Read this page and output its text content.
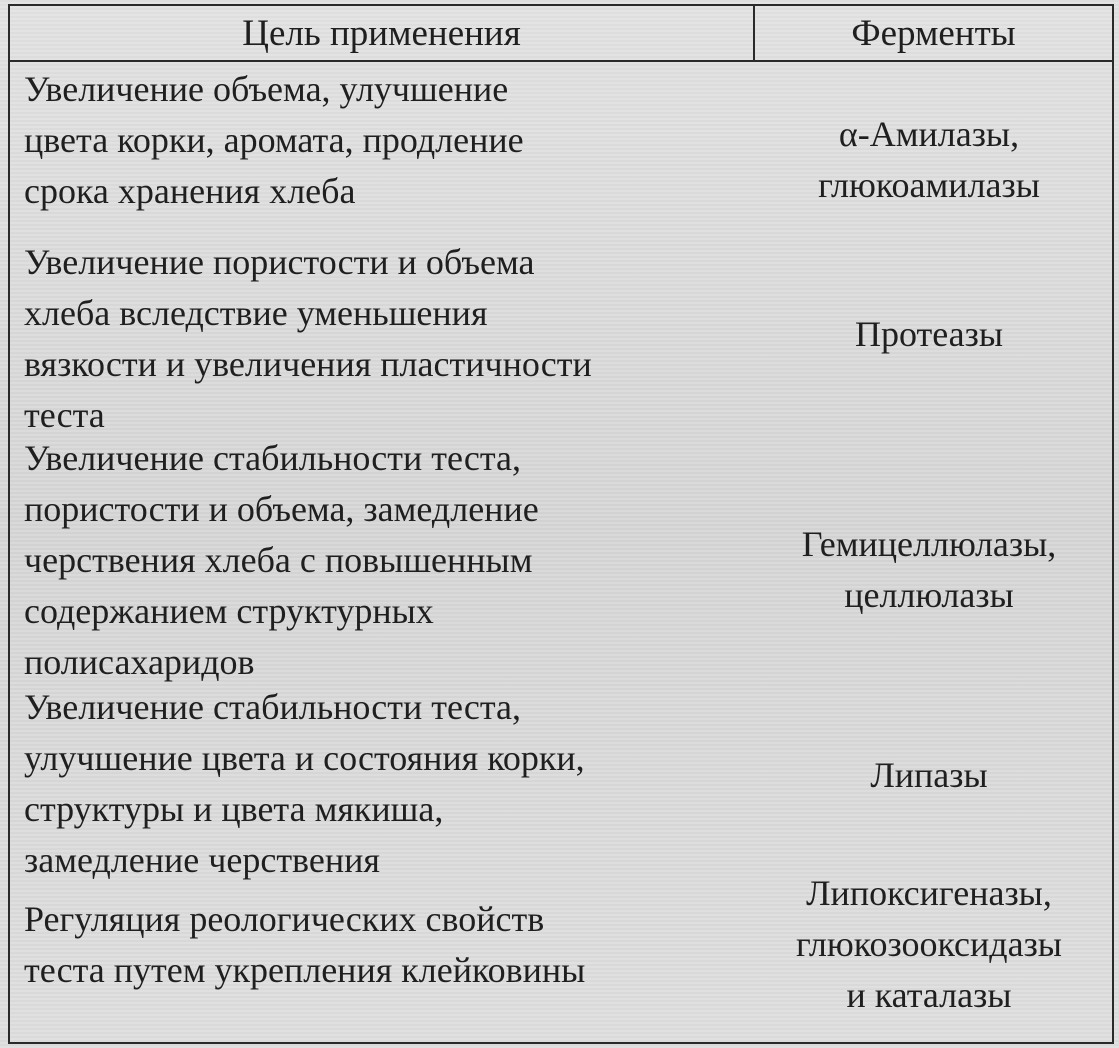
Цель применения	Ферменты
Увеличение объема, улучшение
цвета корки, аромата, продление
срока хранения хлеба
α-Амилазы,
глюкоамилазы
Увеличение пористости и объема
хлеба вследствие уменьшения
вязкости и увеличения пластичности
теста
Протеазы
Увеличение стабильности теста,
пористости и объема, замедление
черствения хлеба с повышенным
содержанием структурных
полисахаридов
Гемицеллюлазы,
целлюлазы
Увеличение стабильности теста,
улучшение цвета и состояния корки,
структуры и цвета мякиша,
замедление черствения
Липазы
Регуляция реологических свойств
теста путем укрепления клейковины
Липоксигеназы,
глюкозооксидазы
и каталазы
